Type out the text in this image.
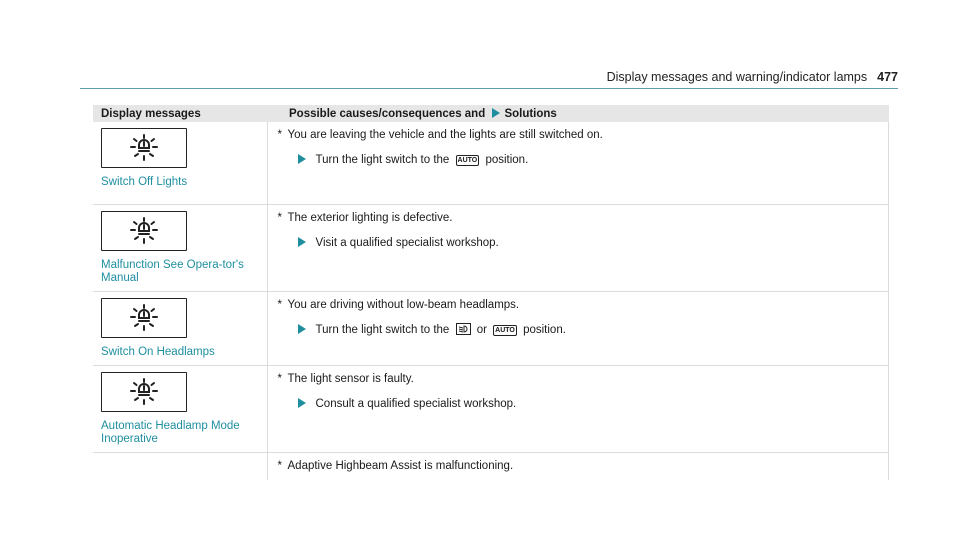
Display messages and warning/indicator lamps 477
Display messages	Possible causes/consequences and Solutions

Switch Off Lights	* You are leaving the vehicle and the lights are still switched on.
Turn the light switch to the AUTO position.

Malfunction See Opera-tor's Manual	* The exterior lighting is defective.
Visit a qualified specialist workshop.

Switch On Headlamps	* You are driving without low-beam headlamps.
Turn the light switch to the or AUTO position.

Automatic Headlamp Mode Inoperative	* The light sensor is faulty.
Consult a qualified specialist workshop.

	* Adaptive Highbeam Assist is malfunctioning.
